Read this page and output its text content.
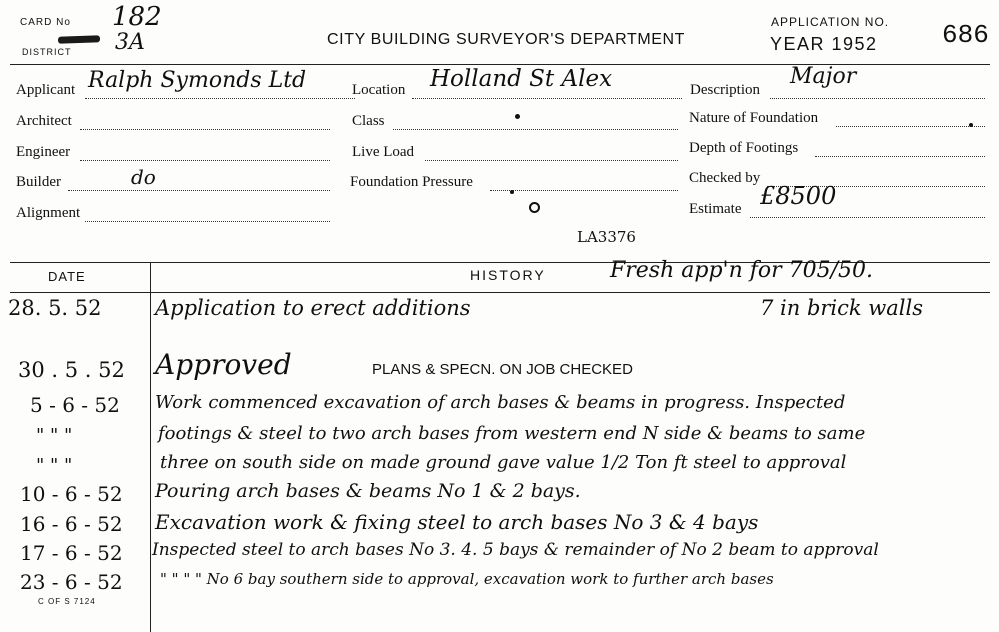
CARD No 182
DISTRICT 3A	CITY BUILDING SURVEYOR'S DEPARTMENT
APPLICATION NO.
YEAR 1952 686
Applicant Ralph Symonds Ltd
Architect
Engineer
Builder	do
Alignment
Location Holland St Alex
Class
Live Load
Foundation Pressure
LA3376
Description
Major
Nature of Foundation
Depth of Footings
Checked by
Estimate £8500
DATE	HISTORY	Fresh app'n for 705/50.
28. 5. 52	Application to erect additions	7 in brick walls
30 . 5 . 52 Approved	PLANS & SPECN. ON JOB CHECKED
5 - 6 - 52 Work commenced excavation of arch bases & beams in progress. Inspected
" " "	footings & steel to two arch bases from western end N side & beams to same
" " "	three on south side on made ground gave value 1/2 Ton ft steel to approval
10 - 6 - 52 Pouring arch bases & beams No 1 & 2 bays.
16 - 6 - 52 Excavation work & fixing steel to arch bases No 3 & 4 bays
17 - 6 - 52 Inspected steel to arch bases No 3. 4. 5 bays & remainder of No 2 beam to approval
23 - 6 - 52 " " " " No 6 bay southern side to approval, excavation work to further arch bases
C OF S 7124
